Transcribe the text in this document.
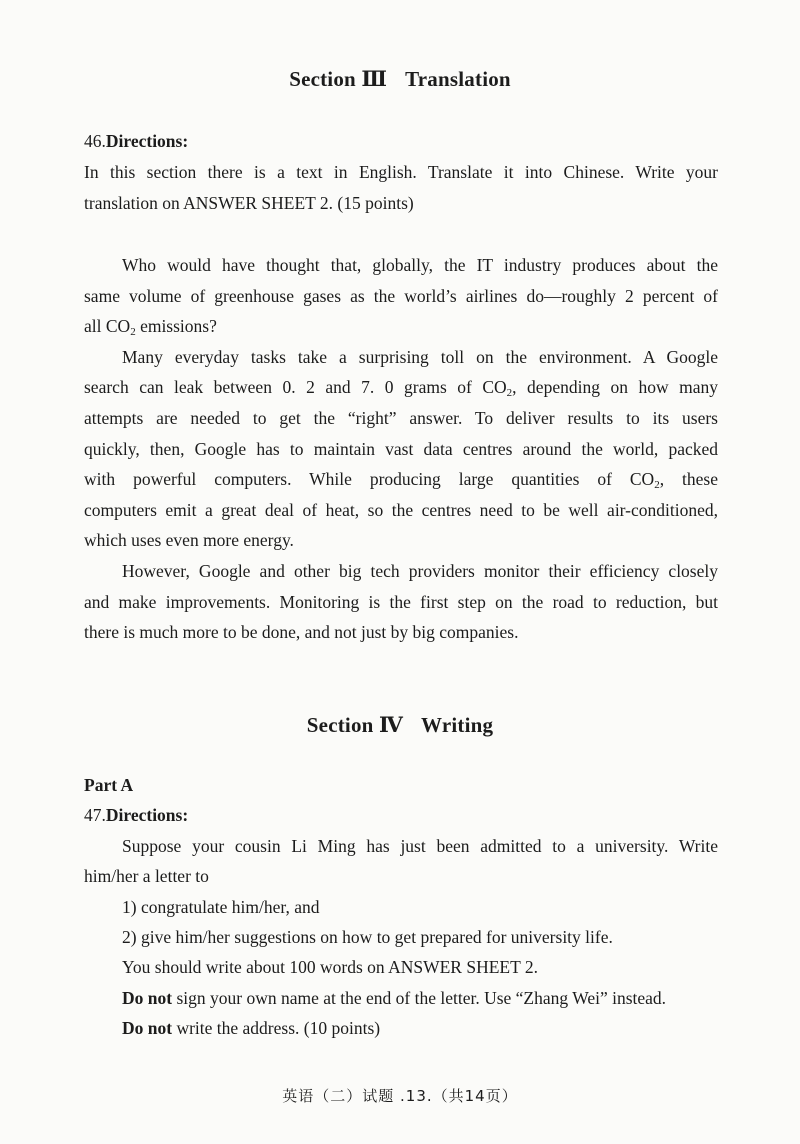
Section Ⅲ Translation
46.Directions:
In this section there is a text in English. Translate it into Chinese. Write your
translation on ANSWER SHEET 2. (15 points)
Who would have thought that, globally, the IT industry produces about the
same volume of greenhouse gases as the world’s airlines do—roughly 2 percent of
all $CO_2$ emissions?
Many everyday tasks take a surprising toll on the environment. A Google
search can leak between 0. 2 and 7. 0 grams of $CO_2$, depending on how many
attempts are needed to get the “right” answer. To deliver results to its users
quickly, then, Google has to maintain vast data centres around the world, packed
with powerful computers. While producing large quantities of $CO_2$, these
computers emit a great deal of heat, so the centres need to be well air-conditioned,
which uses even more energy.
However, Google and other big tech providers monitor their efficiency closely
and make improvements. Monitoring is the first step on the road to reduction, but
there is much more to be done, and not just by big companies.
Section Ⅳ Writing
Part A
47.Directions:
Suppose your cousin Li Ming has just been admitted to a university. Write
him/her a letter to
1) congratulate him/her, and
2) give him/her suggestions on how to get prepared for university life.
You should write about 100 words on ANSWER SHEET 2.
Do not sign your own name at the end of the letter. Use “Zhang Wei” instead.
Do not write the address. (10 points)
英语（二）试题 .13.（共14页）
